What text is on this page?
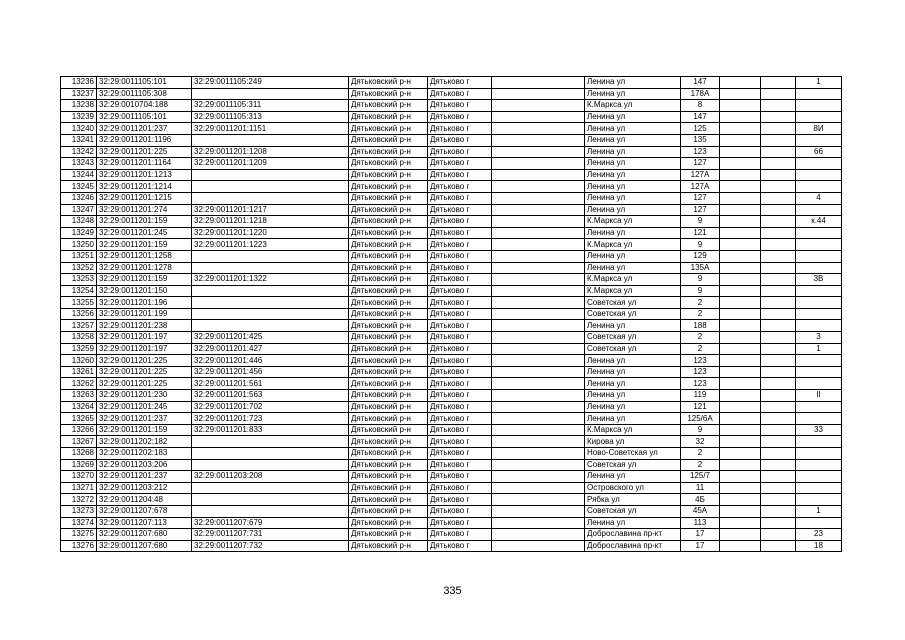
13236	32:29:0011105:101	32:29:0011105:249	Дятьковский р-н	Дятьково г		Ленина ул	147			1
13237	32:29:0011105:308		Дятьковский р-н	Дятьково г		Ленина ул	178А			
13238	32:29:0010704:188	32:29:0011105:311	Дятьковский р-н	Дятьково г		К.Маркса ул	8			
13239	32:29:0011105:101	32:29:0011105:313	Дятьковский р-н	Дятьково г		Ленина ул	147			
13240	32:29:0011201:237	32:29:0011201:1151	Дятьковский р-н	Дятьково г		Ленина ул	125			8И
13241	32:29:0011201:1196		Дятьковский р-н	Дятьково г		Ленина ул	135			
13242	32:29:0011201:225	32:29:0011201:1208	Дятьковский р-н	Дятьково г		Ленина ул	123			66
13243	32:29:0011201:1164	32:29:0011201:1209	Дятьковский р-н	Дятьково г		Ленина ул	127			
13244	32:29:0011201:1213		Дятьковский р-н	Дятьково г		Ленина ул	127А			
13245	32:29:0011201:1214		Дятьковский р-н	Дятьково г		Ленина ул	127А			
13246	32:29:0011201:1215		Дятьковский р-н	Дятьково г		Ленина ул	127			4
13247	32:29:0011201:274	32:29:0011201:1217	Дятьковский р-н	Дятьково г		Ленина ул	127			
13248	32:29:0011201:159	32:29:0011201:1218	Дятьковский р-н	Дятьково г		К.Маркса ул	9			к.44
13249	32:29:0011201:245	32:29:0011201:1220	Дятьковский р-н	Дятьково г		Ленина ул	121			
13250	32:29:0011201:159	32:29:0011201:1223	Дятьковский р-н	Дятьково г		К.Маркса ул	9			
13251	32:29:0011201:1258		Дятьковский р-н	Дятьково г		Ленина ул	129			
13252	32:29:0011201:1278		Дятьковский р-н	Дятьково г		Ленина ул	135А			
13253	32:29:0011201:159	32:29:0011201:1322	Дятьковский р-н	Дятьково г		К.Маркса ул	9			3В
13254	32:29:0011201:150		Дятьковский р-н	Дятьково г		К.Маркса ул	9			
13255	32:29:0011201:196		Дятьковский р-н	Дятьково г		Советская ул	2			
13256	32:29:0011201:199		Дятьковский р-н	Дятьково г		Советская ул	2			
13257	32:29:0011201:238		Дятьковский р-н	Дятьково г		Ленина ул	188			
13258	32:29:0011201:197	32:29:0011201:425	Дятьковский р-н	Дятьково г		Советская ул	2			3
13259	32:29:0011201:197	32:29:0011201:427	Дятьковский р-н	Дятьково г		Советская ул	2			1
13260	32:29:0011201:225	32:29:0011201:446	Дятьковский р-н	Дятьково г		Ленина ул	123			
13261	32:29:0011201:225	32:29:0011201:456	Дятьковский р-н	Дятьково г		Ленина ул	123			
13262	32:29:0011201:225	32:29:0011201:561	Дятьковский р-н	Дятьково г		Ленина ул	123			
13263	32:29:0011201:230	32:29:0011201:563	Дятьковский р-н	Дятьково г		Ленина ул	119			II
13264	32:29:0011201:245	32:29:0011201:702	Дятьковский р-н	Дятьково г		Ленина ул	121			
13265	32:29:0011201:237	32:29:0011201:723	Дятьковский р-н	Дятьково г		Ленина ул	125/6А			
13266	32:29:0011201:159	32:29:0011201:833	Дятьковский р-н	Дятьково г		К.Маркса ул	9			33
13267	32:29:0011202:182		Дятьковский р-н	Дятьково г		Кирова ул	32			
13268	32:29:0011202:183		Дятьковский р-н	Дятьково г		Ново-Советская ул	2			
13269	32:29:0011203:206		Дятьковский р-н	Дятьково г		Советская ул	2			
13270	32:29:0011201:237	32:29:0011203:208	Дятьковский р-н	Дятьково г		Ленина ул	125/7			
13271	32:29:0011203:212		Дятьковский р-н	Дятьково г		Островского ул	11			
13272	32:29:0011204:48		Дятьковский р-н	Дятьково г		Рябка ул	4Б			
13273	32:29:0011207:678		Дятьковский р-н	Дятьково г		Советская ул	45А			1
13274	32:29:0011207:113	32:29:0011207:679	Дятьковский р-н	Дятьково г		Ленина ул	113			
13275	32:29:0011207:680	32:29:0011207:731	Дятьковский р-н	Дятьково г		Доброславина пр-кт	17			23
13276	32:29:0011207:680	32:29:0011207:732	Дятьковский р-н	Дятьково г		Доброславина пр-кт	17			18
335
